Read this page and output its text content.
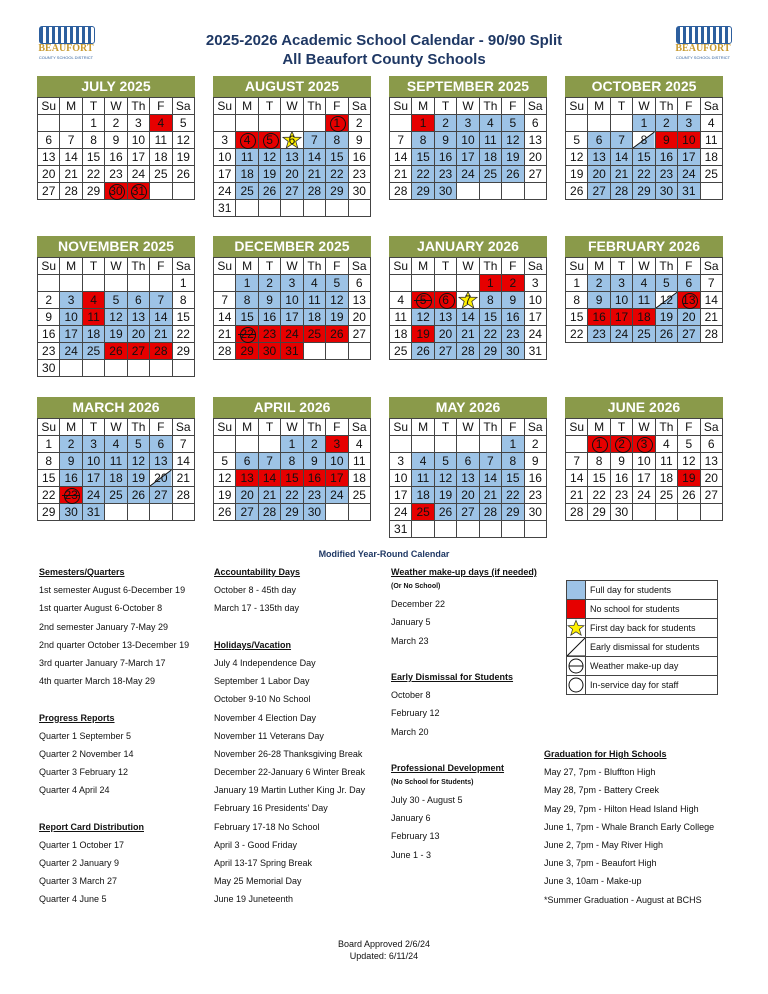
BEAUFORT
COUNTY SCHOOL DISTRICT
2025-2026 Academic School Calendar - 90/90 Split
All Beaufort County Schools
BEAUFORT
COUNTY SCHOOL DISTRICT
JULY 2025
Su	M	T	W	Th	F	Sa
		1	2	3	4	5
6	7	8	9	10	11	12
13	14	15	16	17	18	19
20	21	22	23	24	25	26
27	28	29	30	31		
AUGUST 2025
Su	M	T	W	Th	F	Sa
					1	2
3	4	5	6	7	8	9
10	11	12	13	14	15	16
17	18	19	20	21	22	23
24	25	26	27	28	29	30
31						
SEPTEMBER 2025
Su	M	T	W	Th	F	Sa
	1	2	3	4	5	6
7	8	9	10	11	12	13
14	15	16	17	18	19	20
21	22	23	24	25	26	27
28	29	30				
OCTOBER 2025
Su	M	T	W	Th	F	Sa
			1	2	3	4
5	6	7	8	9	10	11
12	13	14	15	16	17	18
19	20	21	22	23	24	25
26	27	28	29	30	31	
NOVEMBER 2025
Su	M	T	W	Th	F	Sa
						1
2	3	4	5	6	7	8
9	10	11	12	13	14	15
16	17	18	19	20	21	22
23	24	25	26	27	28	29
30						
DECEMBER 2025
Su	M	T	W	Th	F	Sa
	1	2	3	4	5	6
7	8	9	10	11	12	13
14	15	16	17	18	19	20
21	22	23	24	25	26	27
28	29	30	31			
JANUARY 2026
Su	M	T	W	Th	F	Sa
				1	2	3
4	5	6	7	8	9	10
11	12	13	14	15	16	17
18	19	20	21	22	23	24
25	26	27	28	29	30	31
FEBRUARY 2026
Su	M	T	W	Th	F	Sa
1	2	3	4	5	6	7
8	9	10	11	12	13	14
15	16	17	18	19	20	21
22	23	24	25	26	27	28
MARCH 2026
Su	M	T	W	Th	F	Sa
1	2	3	4	5	6	7
8	9	10	11	12	13	14
15	16	17	18	19	20	21
22	23	24	25	26	27	28
29	30	31				
APRIL 2026
Su	M	T	W	Th	F	Sa
			1	2	3	4
5	6	7	8	9	10	11
12	13	14	15	16	17	18
19	20	21	22	23	24	25
26	27	28	29	30		
MAY 2026
Su	M	T	W	Th	F	Sa
					1	2
3	4	5	6	7	8	9
10	11	12	13	14	15	16
17	18	19	20	21	22	23
24	25	26	27	28	29	30
31						
JUNE 2026
Su	M	T	W	Th	F	Sa
	1	2	3	4	5	6
7	8	9	10	11	12	13
14	15	16	17	18	19	20
21	22	23	24	25	26	27
28	29	30				
Modified Year-Round Calendar
Semesters/Quarters
1st semester August 6-December 19
1st quarter August 6-October 8
2nd semester January 7-May 29
2nd quarter October 13-December 19
3rd quarter January 7-March 17
4th quarter March 18-May 29
Progress Reports
Quarter 1 September 5
Quarter 2 November 14
Quarter 3 February 12
Quarter 4 April 24
Report Card Distribution
Quarter 1 October 17
Quarter 2 January 9
Quarter 3 March 27
Quarter 4 June 5
Accountability Days
October 8 - 45th day
March 17 - 135th day
Holidays/Vacation
July 4 Independence Day
September 1 Labor Day
October 9-10 No School
November 4 Election Day
November 11 Veterans Day
November 26-28 Thanksgiving Break
December 22-January 6 Winter Break
January 19 Martin Luther King Jr. Day
February 16 Presidents' Day
February 17-18 No School
April 3 - Good Friday
April 13-17 Spring Break
May 25 Memorial Day
June 19 Juneteenth
Weather make-up days (if needed)
(Or No School)
December 22
January 5
March 23
Early Dismissal for Students
October 8
February 12
March 20
Professional Development
(No School for Students)
July 30 - August 5
January 6
February 13
June 1 - 3
Graduation for High Schools
May 27, 7pm - Bluffton High
May 28, 7pm - Battery Creek
May 29, 7pm - Hilton Head Island High
June 1, 7pm - Whale Branch Early College
June 2, 7pm - May River High
June 3, 7pm - Beaufort High
June 3, 10am - Make-up
*Summer Graduation - August at BCHS
Full day for students
No school for students
First day back for students
Early dismissal for students
Weather make-up day
In-service day for staff
Board Approved 2/6/24
Updated: 6/11/24
